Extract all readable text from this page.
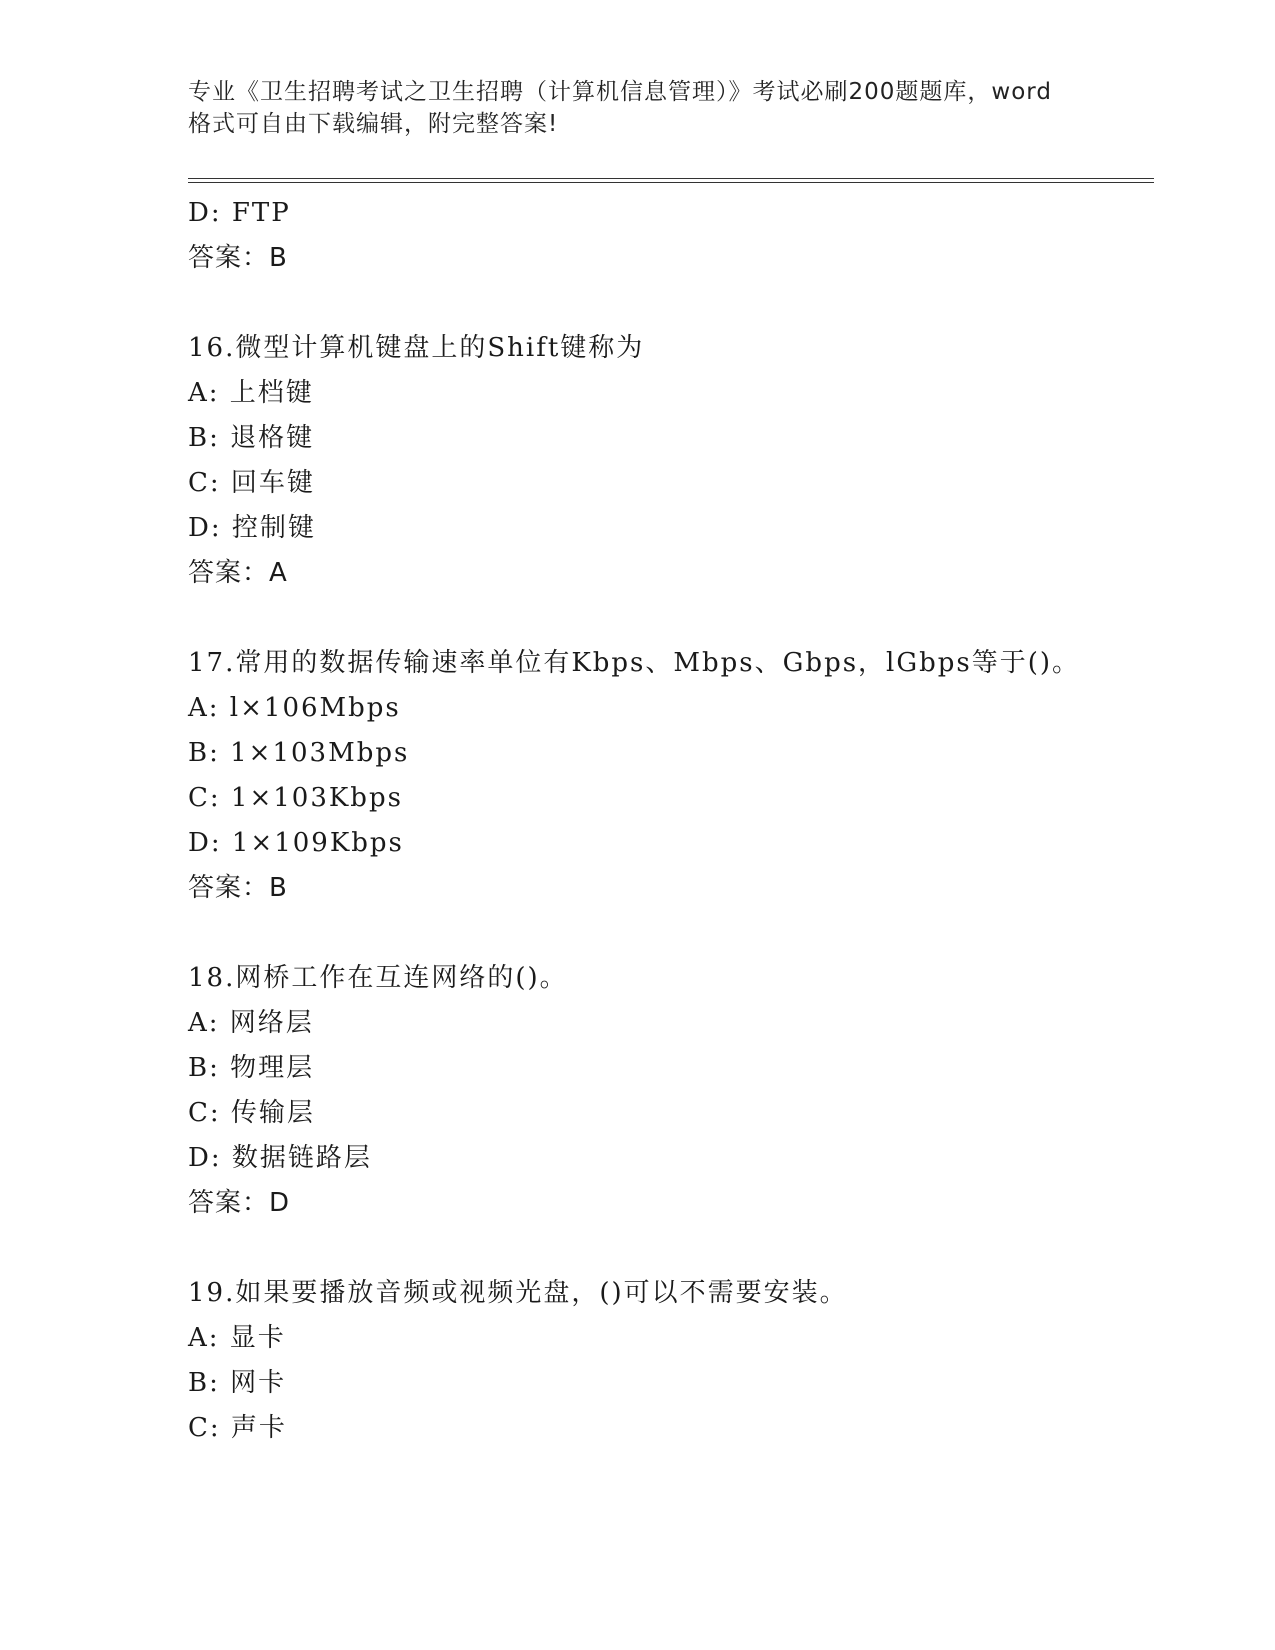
专业《卫生招聘考试之卫生招聘（计算机信息管理）》考试必刷200题题库，word
格式可自由下载编辑，附完整答案!
D: FTP
答案：B
16.微型计算机键盘上的Shift键称为
A: 上档键
B: 退格键
C: 回车键
D: 控制键
答案：A
17.常用的数据传输速率单位有Kbps、Mbps、Gbps，lGbps等于()。
A: l×106Mbps
B: 1×103Mbps
C: 1×103Kbps
D: 1×109Kbps
答案：B
18.网桥工作在互连网络的()。
A: 网络层
B: 物理层
C: 传输层
D: 数据链路层
答案：D
19.如果要播放音频或视频光盘，()可以不需要安装。
A: 显卡
B: 网卡
C: 声卡
